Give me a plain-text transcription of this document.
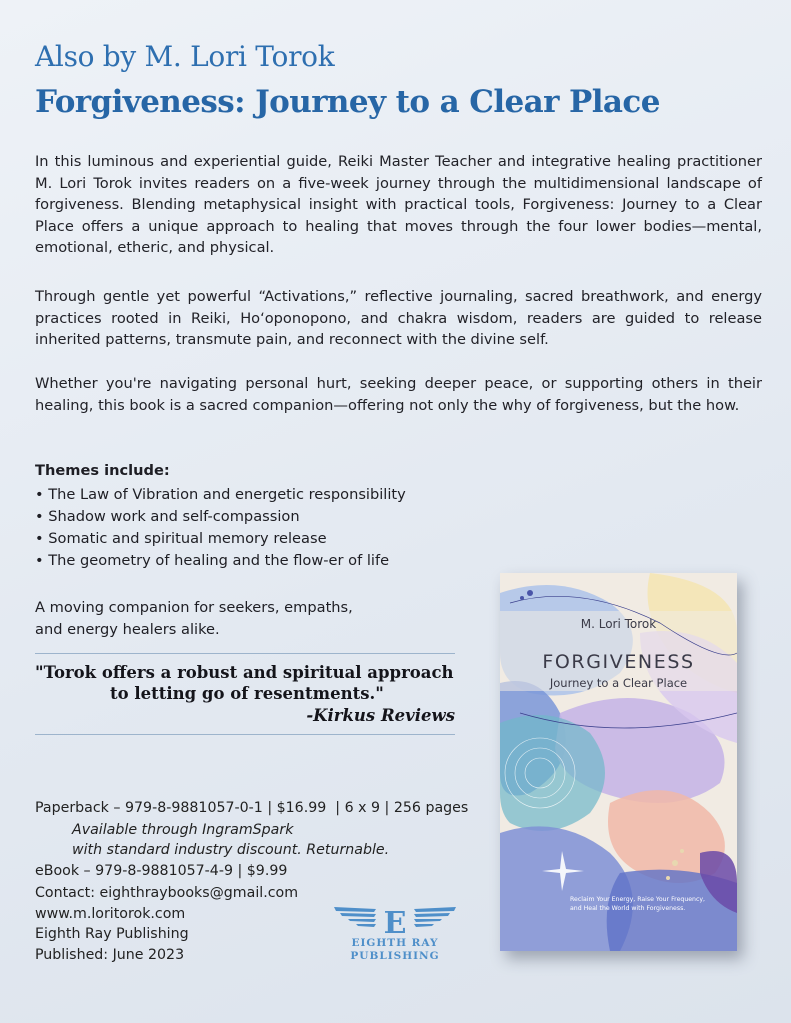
Also by M. Lori Torok
Forgiveness: Journey to a Clear Place

In this luminous and experiential guide, Reiki Master Teacher and integrative healing practitioner M. Lori Torok invites readers on a five-week journey through the multidimensional landscape of forgiveness. Blending metaphysical insight with practical tools, Forgiveness: Journey to a Clear Place offers a unique approach to healing that moves through the four lower bodies—mental, emotional, etheric, and physical.

Through gentle yet powerful “Activations,” reflective journaling, sacred breathwork, and energy practices rooted in Reiki, Ho‘oponopono, and chakra wisdom, readers are guided to release inherited patterns, transmute pain, and reconnect with the divine self.

Whether you're navigating personal hurt, seeking deeper peace, or supporting others in their healing, this book is a sacred companion—offering not only the why of forgiveness, but the how.

Themes include:
• The Law of Vibration and energetic responsibility
• Shadow work and self-compassion
• Somatic and spiritual memory release
• The geometry of healing and the flow-er of life
A moving companion for seekers, empaths,
and energy healers alike.
"Torok offers a robust and spiritual approach
to letting go of resentments."
-Kirkus Reviews

Paperback – 979-8-9881057-0-1 | $16.99  | 6 x 9 | 256 pages

eBook – 979-8-9881057-4-9 | $9.99

Available through IngramSpark
with standard industry discount. Returnable.
Contact: eighthraybooks@gmail.com
www.m.loritorok.com
Eighth Ray Publishing
Published: June 2023
M. Lori Torok
FORGIVENESS
Journey to a Clear Place
Reclaim Your Energy, Raise Your Frequency, and Heal the World with Forgiveness.
E
EIGHTH RAY
PUBLISHING
